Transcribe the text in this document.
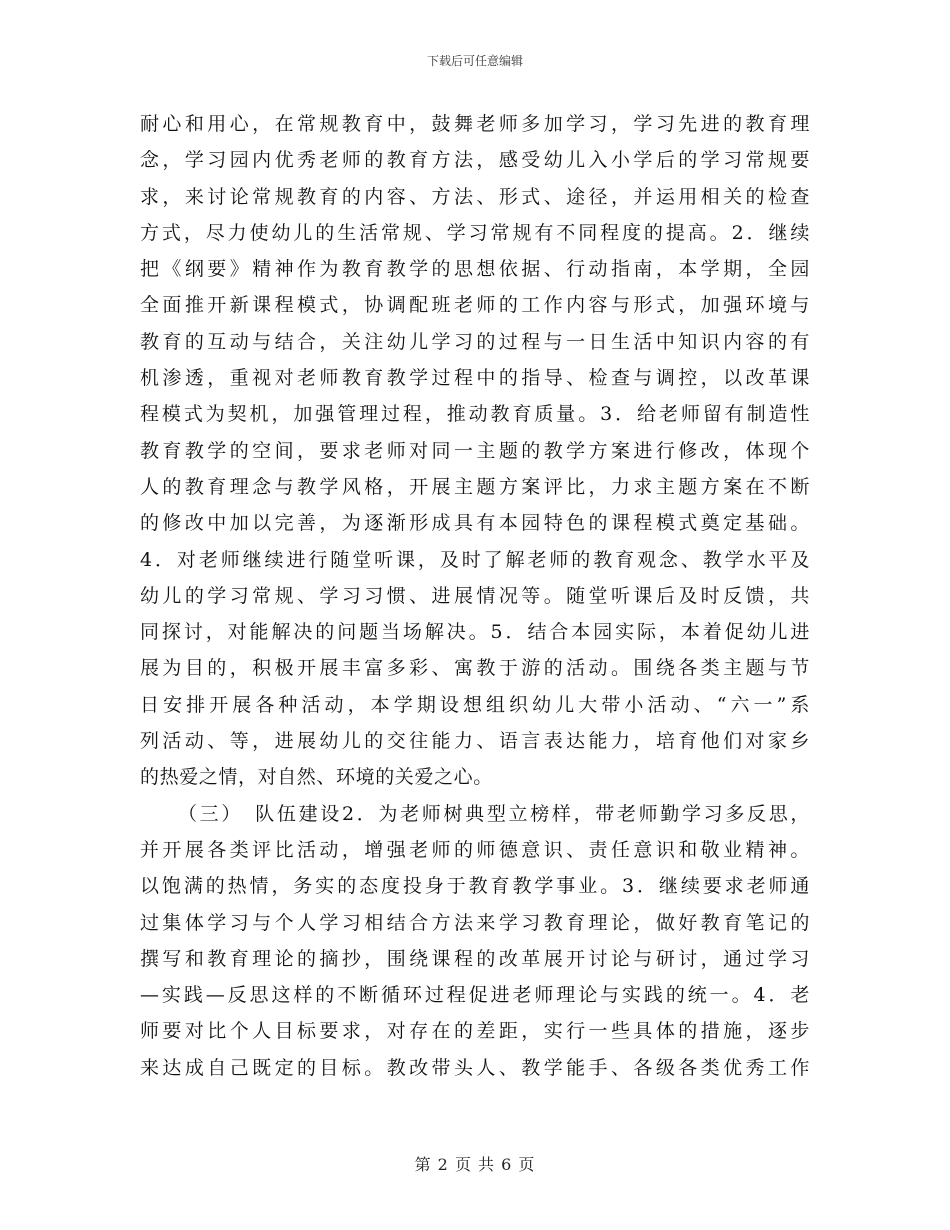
下载后可任意编辑
耐心和用心，在常规教育中，鼓舞老师多加学习，学习先进的教育理
念，学习园内优秀老师的教育方法，感受幼儿入小学后的学习常规要
求，来讨论常规教育的内容、方法、形式、途径，并运用相关的检查
方式，尽力使幼儿的生活常规、学习常规有不同程度的提高。2．继续
把《纲要》精神作为教育教学的思想依据、行动指南，本学期，全园
全面推开新课程模式，协调配班老师的工作内容与形式，加强环境与
教育的互动与结合，关注幼儿学习的过程与一日生活中知识内容的有
机渗透，重视对老师教育教学过程中的指导、检查与调控，以改革课
程模式为契机，加强管理过程，推动教育质量。3．给老师留有制造性
教育教学的空间，要求老师对同一主题的教学方案进行修改，体现个
人的教育理念与教学风格，开展主题方案评比，力求主题方案在不断
的修改中加以完善，为逐渐形成具有本园特色的课程模式奠定基础。
4．对老师继续进行随堂听课，及时了解老师的教育观念、教学水平及
幼儿的学习常规、学习习惯、进展情况等。随堂听课后及时反馈，共
同探讨，对能解决的问题当场解决。5．结合本园实际，本着促幼儿进
展为目的，积极开展丰富多彩、寓教于游的活动。围绕各类主题与节
日安排开展各种活动，本学期设想组织幼儿大带小活动、“六一”系
列活动、等，进展幼儿的交往能力、语言表达能力，培育他们对家乡
的热爱之情，对自然、环境的关爱之心。
（三）　队伍建设2．为老师树典型立榜样，带老师勤学习多反思，
并开展各类评比活动，增强老师的师德意识、责任意识和敬业精神。
以饱满的热情，务实的态度投身于教育教学事业。3．继续要求老师通
过集体学习与个人学习相结合方法来学习教育理论，做好教育笔记的
撰写和教育理论的摘抄，围绕课程的改革展开讨论与研讨，通过学习
—实践—反思这样的不断循环过程促进老师理论与实践的统一。4．老
师要对比个人目标要求，对存在的差距，实行一些具体的措施，逐步
来达成自己既定的目标。教改带头人、教学能手、各级各类优秀工作
第 2 页 共 6 页
